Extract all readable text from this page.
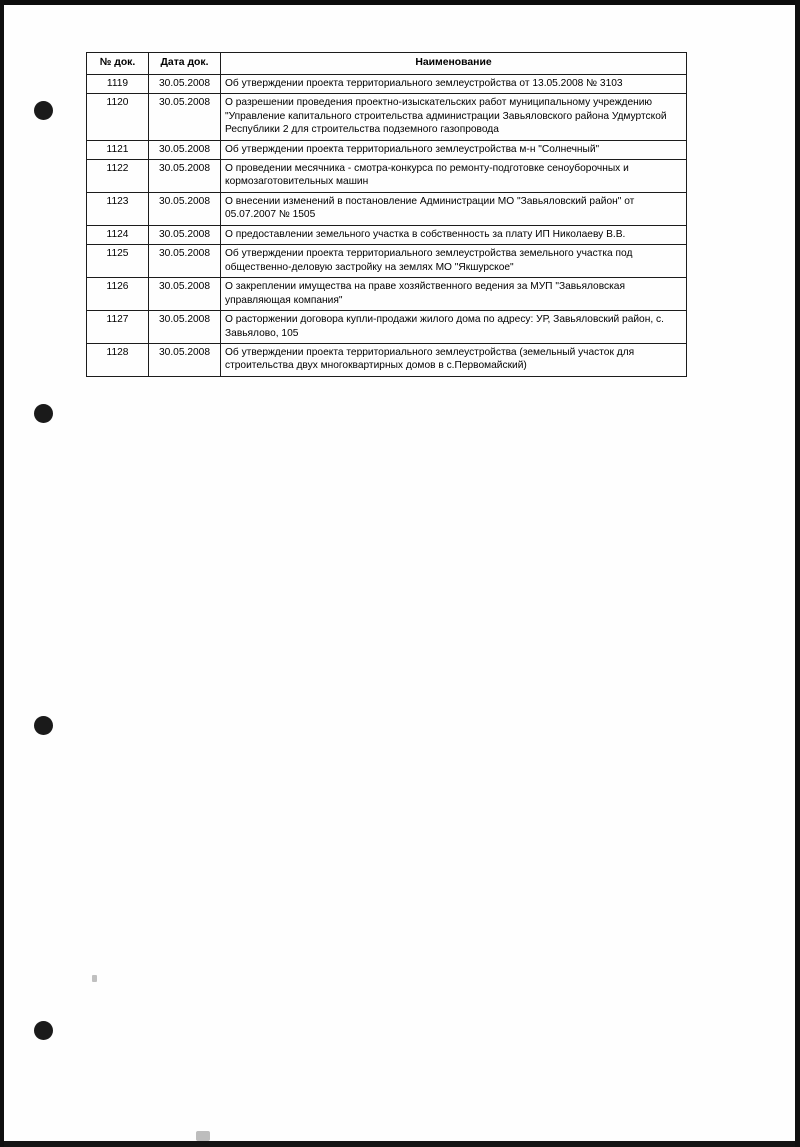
№ док.	Дата док.	Наименование
1119	30.05.2008	Об утверждении проекта территориального землеустройства от 13.05.2008 № 3103
1120	30.05.2008	О разрешении проведения проектно-изыскательских работ муниципальному учреждению "Управление капитального строительства администрации Завьяловского района Удмуртской Республики 2 для строительства подземного газопровода
1121	30.05.2008	Об утверждении проекта территориального землеустройства м-н "Солнечный"
1122	30.05.2008	О проведении месячника - смотра-конкурса по ремонту-подготовке сеноуборочных и кормозаготовительных машин
1123	30.05.2008	О внесении изменений в постановление Администрации МО "Завьяловский район" от 05.07.2007 № 1505
1124	30.05.2008	О предоставлении земельного участка в собственность за плату ИП Николаеву В.В.
1125	30.05.2008	Об утверждении проекта территориального землеустройства земельного участка под общественно-деловую застройку на землях МО "Якшурское"
1126	30.05.2008	О закреплении имущества на праве хозяйственного ведения за МУП "Завьяловская управляющая компания"
1127	30.05.2008	О расторжении договора купли-продажи жилого дома по адресу: УР, Завьяловский район, с. Завьялово, 105
1128	30.05.2008	Об утверждении проекта территориального землеустройства (земельный участок для строительства двух многоквартирных домов в с.Первомайский)
